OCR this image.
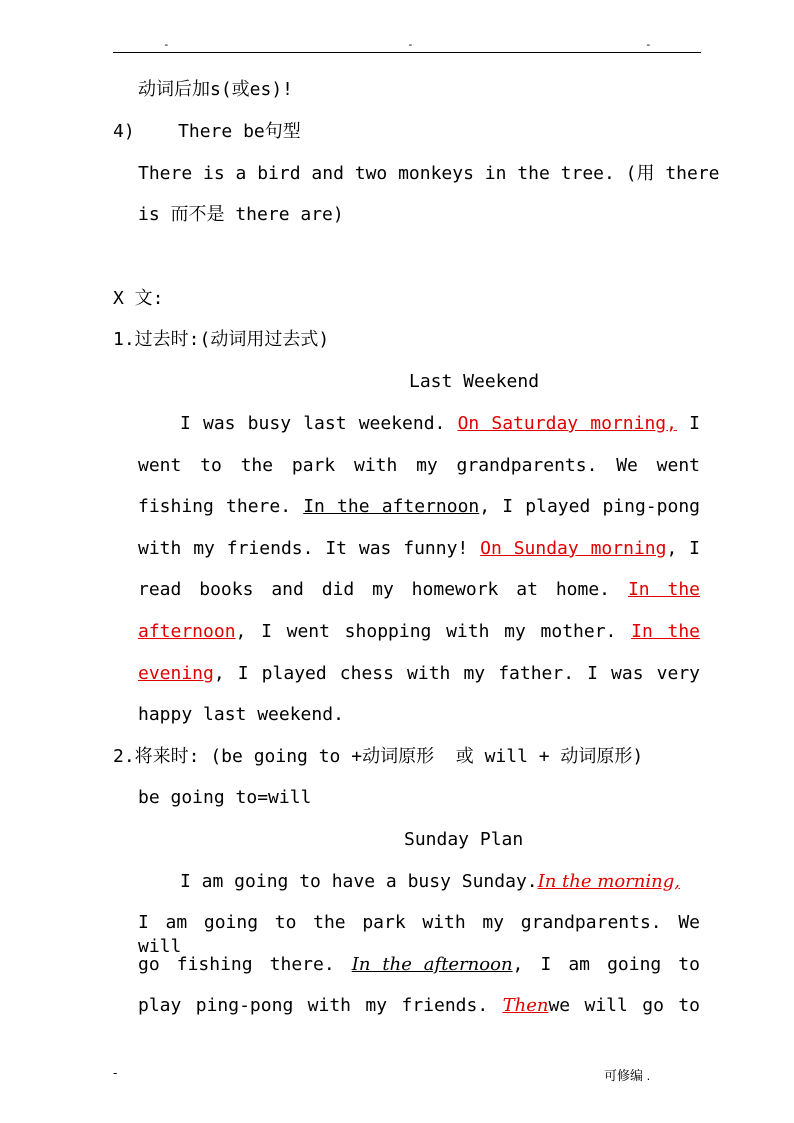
-	-	-
动词后加s(或es)!
4) There be句型
There is a bird and two monkeys in the tree. (用 there
is 而不是 there are)
X 文:
1.过去时:(动词用过去式)
Last Weekend
I was busy last weekend. On Saturday morning, I
went to the park with my grandparents. We went
fishing there. In the afternoon, I played ping-pong
with my friends. It was funny! On Sunday morning, I
read books and did my homework at home. In the
afternoon, I went shopping with my mother. In the
evening, I played chess with my father. I was very
happy last weekend.
2.将来时: (be going to +动词原形  或 will + 动词原形)
be going to=will
Sunday Plan
I am going to have a busy Sunday.In the morning,
I am going to the park with my grandparents. We will
go fishing there. In the afternoon, I am going to
play ping-pong with my friends. Thenwe will go to
-	可修编 .
